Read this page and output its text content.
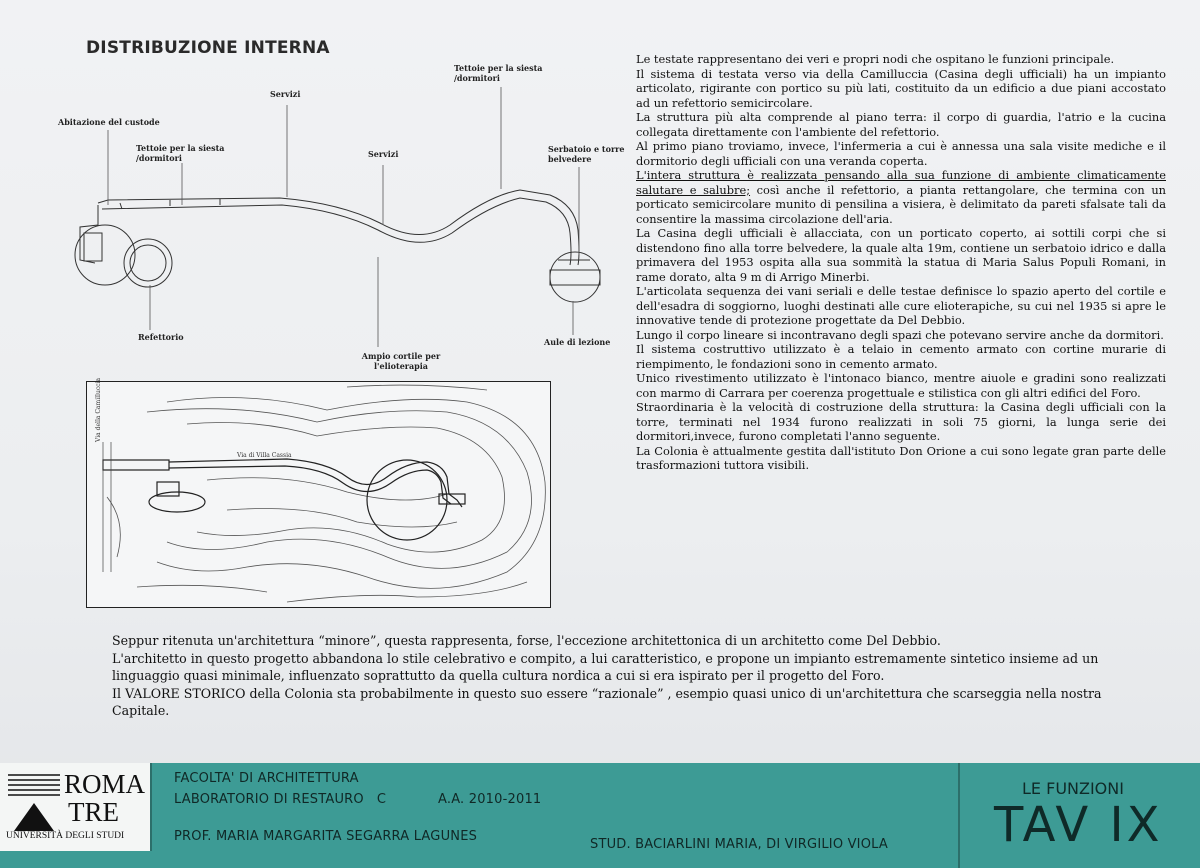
DISTRIBUZIONE INTERNA
Abitazione del custode
Tettoie per la siesta /dormitori
Servizi
Tettoie per la siesta /dormitori
Servizi	Serbatoio e torre belvedere
Refettorio
Ampio cortile per l'elioterapia
Aule di lezione
Via della Camilluccia
Via di Villa Cassia

Le testate rappresentano dei veri e propri nodi che ospitano le funzioni principale.

Il sistema di testata verso via della Camilluccia (Casina degli ufficiali) ha un impianto articolato, rigirante con portico su più lati, costituito da un edificio a due piani accostato ad un refettorio semicircolare.

La struttura più alta comprende al piano terra: il corpo di guardia, l'atrio e la cucina collegata direttamente con l'ambiente del refettorio.

Al primo piano troviamo, invece, l'infermeria a cui è annessa una sala visite mediche e il dormitorio degli ufficiali con una veranda coperta.

L'intera struttura è realizzata pensando alla sua funzione di ambiente climaticamente salutare e salubre; così anche il refettorio, a pianta rettangolare, che termina con un porticato semicircolare munito di pensilina a visiera, è delimitato da pareti sfalsate tali da consentire la massima circolazione dell'aria.

La Casina degli ufficiali è allacciata, con un porticato coperto, ai sottili corpi che si distendono fino alla torre belvedere, la quale alta 19m, contiene un serbatoio idrico e dalla primavera del 1953 ospita alla sua sommità la statua di Maria Salus Populi Romani, in rame dorato, alta 9 m di Arrigo Minerbi.

L'articolata sequenza dei vani seriali e delle testae definisce lo spazio aperto del cortile e dell'esadra di soggiorno, luoghi destinati alle cure elioterapiche, su cui nel 1935 si apre le innovative tende di protezione progettate da Del Debbio.

Lungo il corpo lineare si incontravano degli spazi che potevano servire anche da dormitori.

Il sistema costruttivo utilizzato è a telaio in cemento armato con cortine murarie di riempimento, le fondazioni sono in cemento armato.

Unico rivestimento utilizzato è l'intonaco bianco, mentre aiuole e gradini sono realizzati con marmo di Carrara per coerenza progettuale e stilistica con gli altri edifici del Foro.

Straordinaria è la velocità di costruzione della struttura: la Casina degli ufficiali con la torre, terminati nel 1934 furono realizzati in soli 75 giorni, la lunga serie dei dormitori,invece, furono completati l'anno seguente.

La Colonia è attualmente gestita dall'istituto Don Orione a cui sono legate gran parte delle trasformazioni tuttora visibili.

Seppur ritenuta un'architettura “minore”, questa rappresenta, forse, l'eccezione architettonica di un architetto come Del Debbio.

L'architetto in questo progetto abbandona lo stile celebrativo e compito, a lui caratteristico, e propone un impianto estremamente sintetico insieme ad un linguaggio quasi minimale, influenzato soprattutto da quella cultura nordica a cui si era ispirato per il progetto del Foro.

Il VALORE STORICO della Colonia sta probabilmente in questo suo essere “razionale” , esempio quasi unico di un'architettura che scarseggia nella nostra Capitale.

ROMA
TRE
UNIVERSITÀ DEGLI STUDI
FACOLTA' DI ARCHITETTURA
LABORATORIO DI RESTAURO   C	A.A. 2010-2011
PROF. MARIA MARGARITA SEGARRA LAGUNES
STUD. BACIARLINI MARIA, DI VIRGILIO VIOLA
LE FUNZIONI
TAV IX
